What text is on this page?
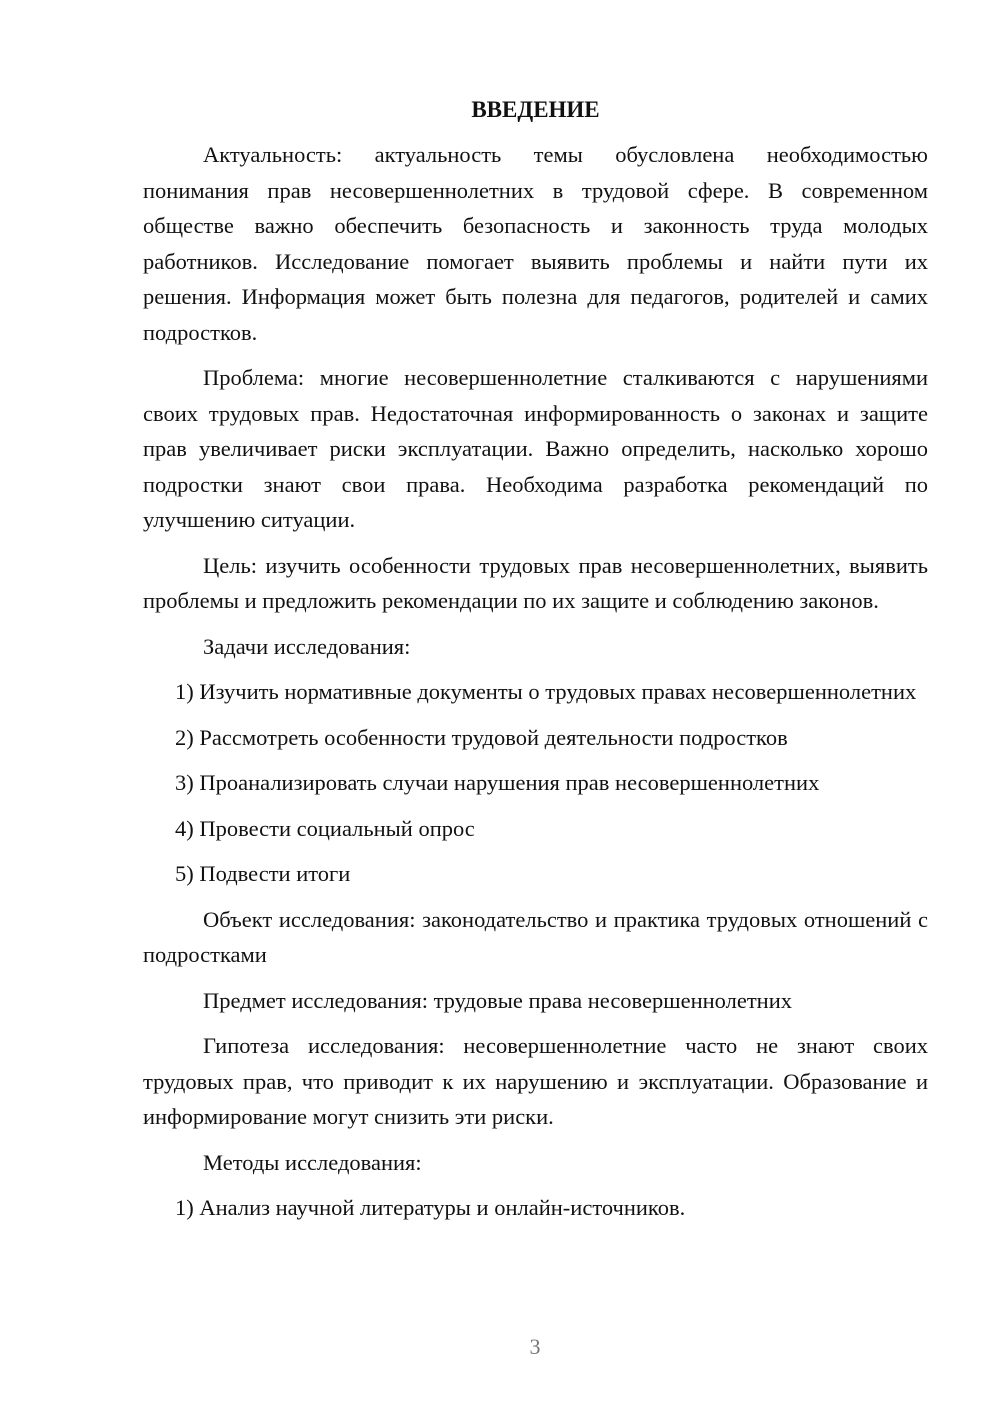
ВВЕДЕНИЕ

Актуальность: актуальность темы обусловлена необходимостью понимания прав несовершеннолетних в трудовой сфере. В современном обществе важно обеспечить безопасность и законность труда молодых работников. Исследование помогает выявить проблемы и найти пути их решения. Информация может быть полезна для педагогов, родителей и самих подростков.

Проблема: многие несовершеннолетние сталкиваются с нарушениями своих трудовых прав. Недостаточная информированность о законах и защите прав увеличивает риски эксплуатации. Важно определить, насколько хорошо подростки знают свои права. Необходима разработка рекомендаций по улучшению ситуации.

Цель: изучить особенности трудовых прав несовершеннолетних, выявить проблемы и предложить рекомендации по их защите и соблюдению законов.

Задачи исследования:

1) Изучить нормативные документы о трудовых правах несовершеннолетних

2) Рассмотреть особенности трудовой деятельности подростков

3) Проанализировать случаи нарушения прав несовершеннолетних

4) Провести социальный опрос

5) Подвести итоги

Объект исследования: законодательство и практика трудовых отношений с подростками

Предмет исследования: трудовые права несовершеннолетних

Гипотеза исследования: несовершеннолетние часто не знают своих трудовых прав, что приводит к их нарушению и эксплуатации. Образование и информирование могут снизить эти риски.

Методы исследования:

1) Анализ научной литературы и онлайн-источников.

3
